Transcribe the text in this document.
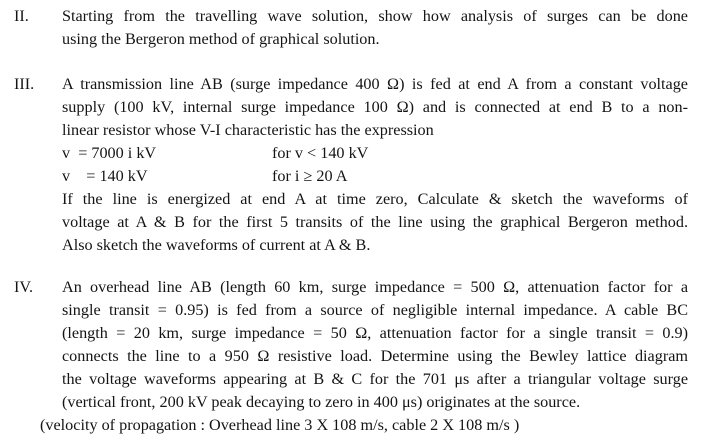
II. Starting from the travelling wave solution, show how analysis of surges can be done
using the Bergeron method of graphical solution.
III. A transmission line AB (surge impedance 400 Ω) is fed at end A from a constant voltage
supply (100 kV, internal surge impedance 100 Ω) and is connected at end B to a non-
linear resistor whose V-I characteristic has the expression
v  = 7000 i kV	for v < 140 kV
v    = 140 kV	for i ≥ 20 A
If the line is energized at end A at time zero, Calculate & sketch the waveforms of
voltage at A & B for the first 5 transits of the line using the graphical Bergeron method.
Also sketch the waveforms of current at A & B.
IV. An overhead line AB (length 60 km, surge impedance = 500 Ω, attenuation factor for a
single transit = 0.95) is fed from a source of negligible internal impedance. A cable BC
(length = 20 km, surge impedance = 50 Ω, attenuation factor for a single transit = 0.9)
connects the line to a 950 Ω resistive load. Determine using the Bewley lattice diagram
the voltage waveforms appearing at B & C for the 701 μs after a triangular voltage surge
(vertical front, 200 kV peak decaying to zero in 400 μs) originates at the source.
(velocity of propagation : Overhead line 3 X 108 m/s, cable 2 X 108 m/s )
